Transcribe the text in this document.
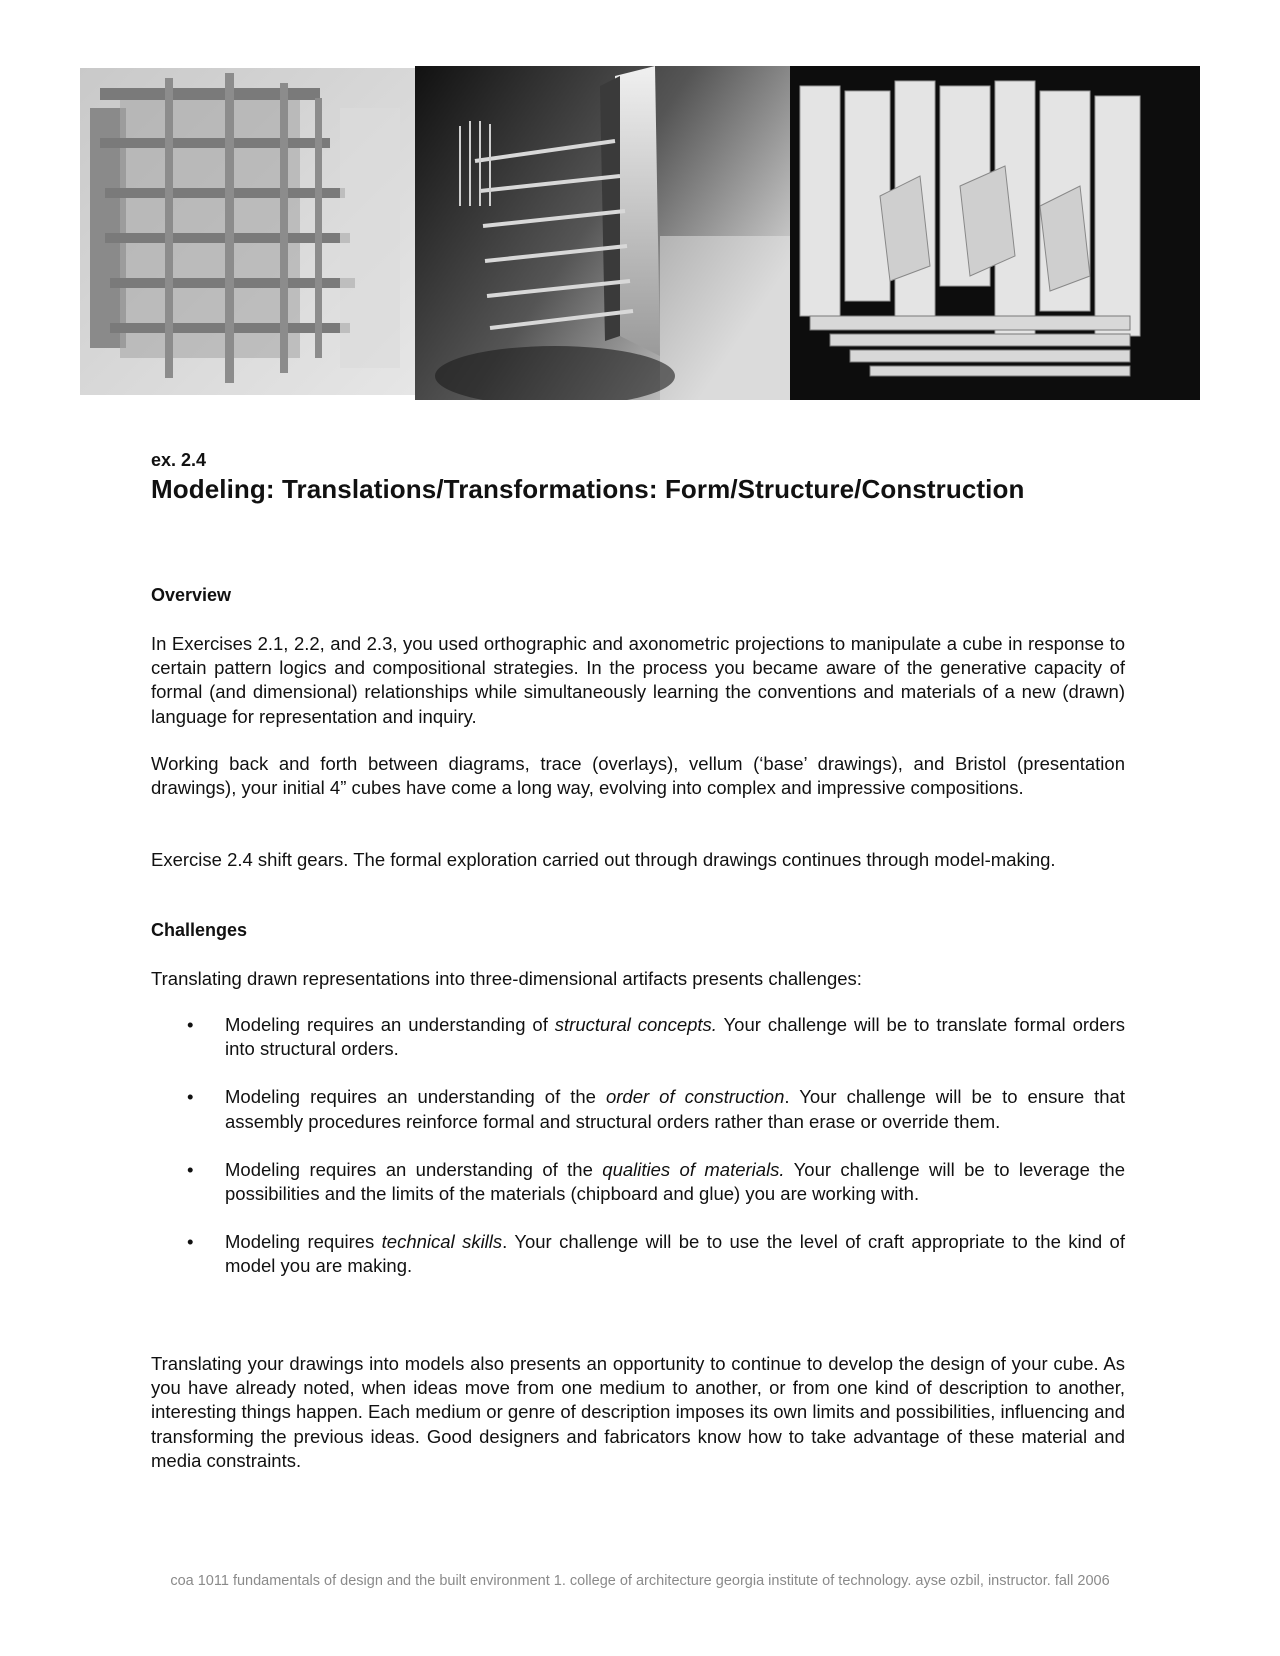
ex. 2.4
Modeling: Translations/Transformations: Form/Structure/Construction
Overview
In Exercises 2.1, 2.2, and 2.3, you used orthographic and axonometric projections to manipulate a cube in response to certain pattern logics and compositional strategies. In the process you became aware of the generative capacity of formal (and dimensional) relationships while simultaneously learning the conventions and materials of a new (drawn) language for representation and inquiry.
Working back and forth between diagrams, trace (overlays), vellum (‘base’ drawings), and Bristol (presentation drawings), your initial 4” cubes have come a long way, evolving into complex and impressive compositions.
Exercise 2.4 shift gears. The formal exploration carried out through drawings continues through model-making.
Challenges
Translating drawn representations into three-dimensional artifacts presents challenges:
• Modeling requires an understanding of structural concepts. Your challenge will be to translate formal orders into structural orders.
• Modeling requires an understanding of the order of construction. Your challenge will be to ensure that assembly procedures reinforce formal and structural orders rather than erase or override them.
• Modeling requires an understanding of the qualities of materials. Your challenge will be to leverage the possibilities and the limits of the materials (chipboard and glue) you are working with.
• Modeling requires technical skills. Your challenge will be to use the level of craft appropriate to the kind of model you are making.
Translating your drawings into models also presents an opportunity to continue to develop the design of your cube. As you have already noted, when ideas move from one medium to another, or from one kind of description to another, interesting things happen. Each medium or genre of description imposes its own limits and possibilities, influencing and transforming the previous ideas. Good designers and fabricators know how to take advantage of these material and media constraints.
coa 1011 fundamentals of design and the built environment 1. college of architecture georgia institute of technology. ayse ozbil, instructor. fall 2006
